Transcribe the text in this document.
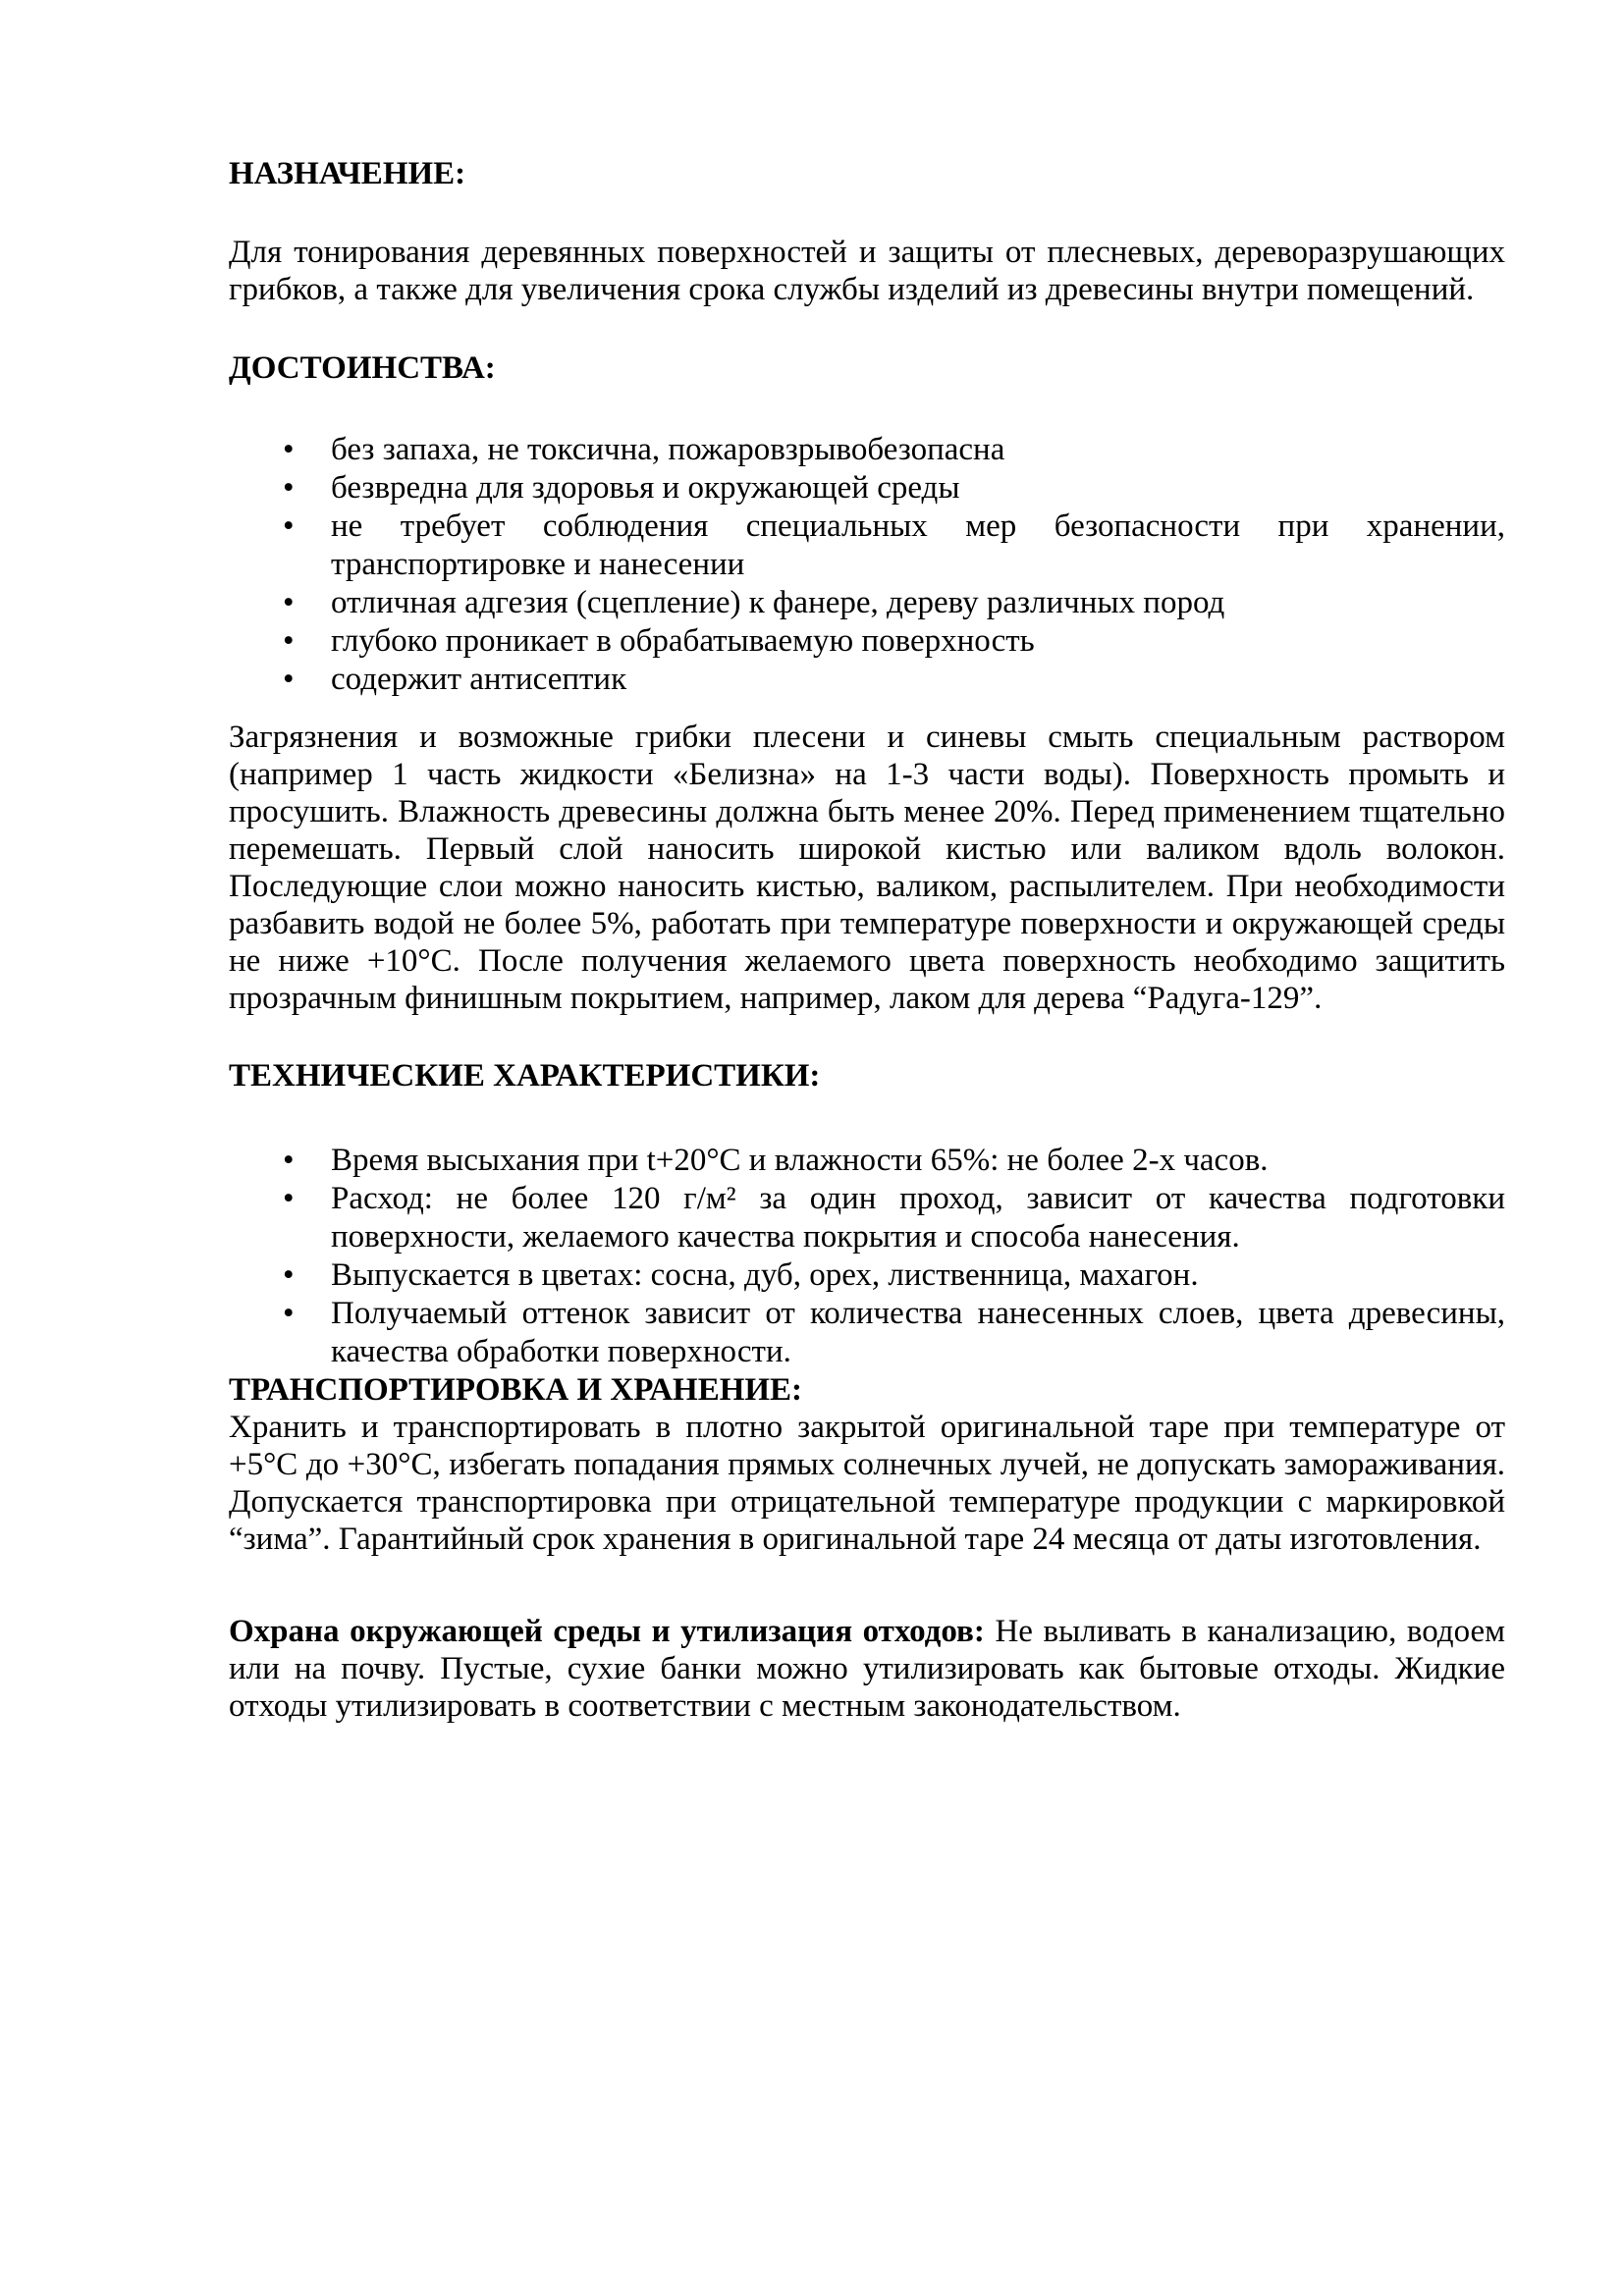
НАЗНАЧЕНИЕ:

Для тонирования деревянных поверхностей и защиты от плесневых, дереворазрушающих грибков, а также для увеличения срока службы изделий из древесины внутри помещений.

ДОСТОИНСТВА:
• без запаха, не токсична, пожаровзрывобезопасна
• безвредна для здоровья и окружающей среды
• не требует соблюдения специальных мер безопасности при хранении, транспортировке и нанесении
• отличная адгезия (сцепление) к фанере, дереву различных пород
• глубоко проникает в обрабатываемую поверхность
• содержит антисептик

Загрязнения и возможные грибки плесени и синевы смыть специальным раствором (например 1 часть жидкости «Белизна» на 1-3 части воды). Поверхность промыть и просушить. Влажность древесины должна быть менее 20%. Перед применением тщательно перемешать. Первый слой наносить широкой кистью или валиком вдоль волокон. Последующие слои можно наносить кистью, валиком, распылителем. При необходимости разбавить водой не более 5%, работать при температуре поверхности и окружающей среды не ниже +10°С. После получения желаемого цвета поверхность необходимо защитить прозрачным финишным покрытием, например, лаком для дерева “Радуга-129”.

ТЕХНИЧЕСКИЕ ХАРАКТЕРИСТИКИ:
• Время высыхания при t+20°С и влажности 65%: не более 2-х часов.
• Расход: не более 120 г/м² за один проход, зависит от качества подготовки поверхности, желаемого качества покрытия и способа нанесения.
• Выпускается в цветах: сосна, дуб, орех, лиственница, махагон.
• Получаемый оттенок зависит от количества нанесенных слоев, цвета древесины, качества обработки поверхности.
ТРАНСПОРТИРОВКА И ХРАНЕНИЕ:

Хранить и транспортировать в плотно закрытой оригинальной таре при температуре от +5°С до +30°С, избегать попадания прямых солнечных лучей, не допускать замораживания. Допускается транспортировка при отрицательной температуре продукции с маркировкой “зима”. Гарантийный срок хранения в оригинальной таре 24 месяца от даты изготовления.

Охрана окружающей среды и утилизация отходов: Не выливать в канализацию, водоем или на почву. Пустые, сухие банки можно утилизировать как бытовые отходы. Жидкие отходы утилизировать в соответствии с местным законодательством.
